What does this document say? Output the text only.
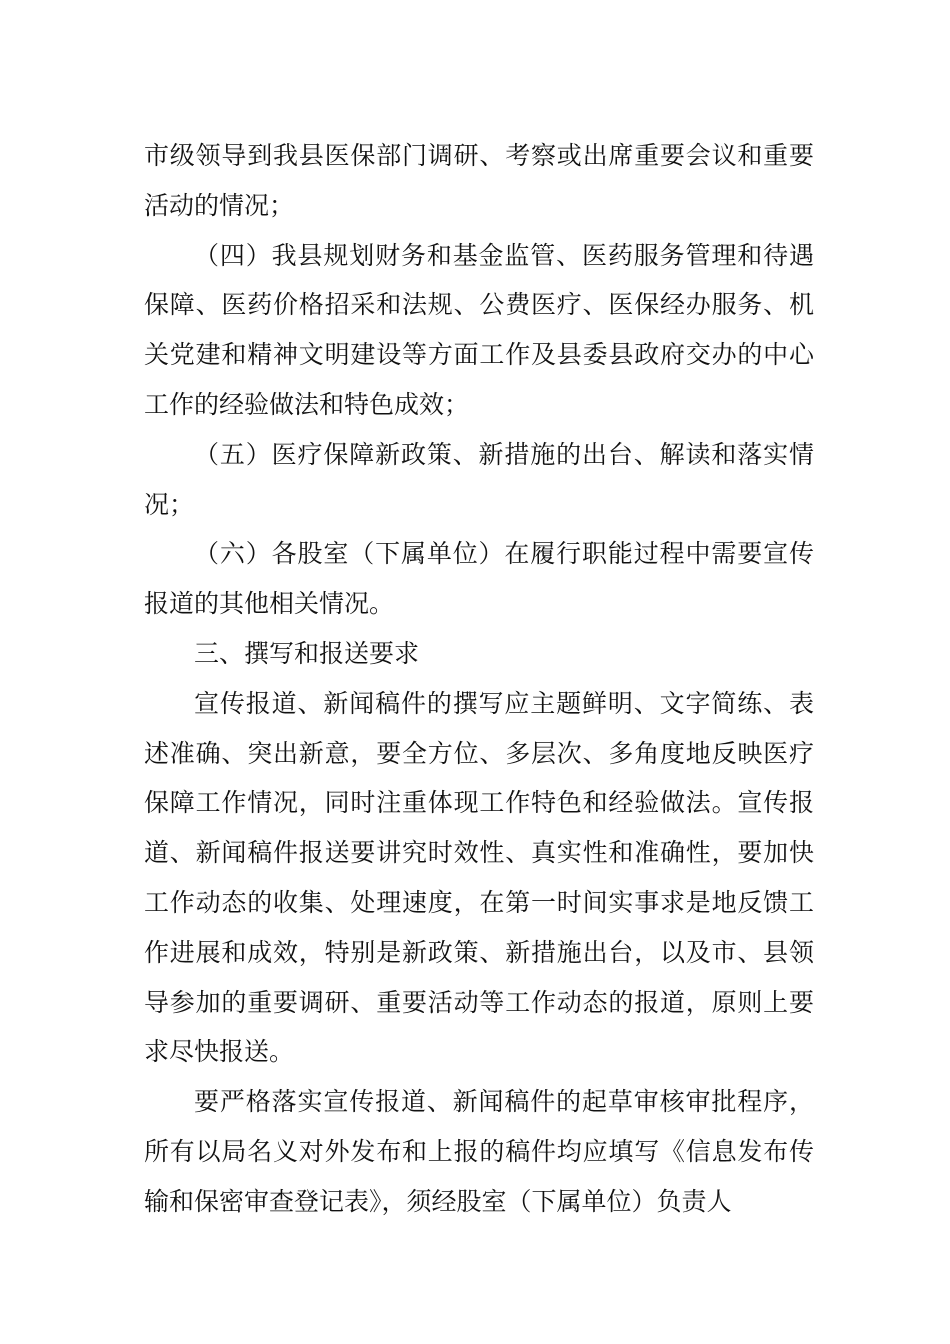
市级领导到我县医保部门调研、考察或出席重要会议和重要活动的情况；

（四）我县规划财务和基金监管、医药服务管理和待遇保障、医药价格招采和法规、公费医疗、医保经办服务、机关党建和精神文明建设等方面工作及县委县政府交办的中心工作的经验做法和特色成效；

（五）医疗保障新政策、新措施的出台、解读和落实情况；

（六）各股室（下属单位）在履行职能过程中需要宣传报道的其他相关情况。

三、撰写和报送要求

宣传报道、新闻稿件的撰写应主题鲜明、文字简练、表述准确、突出新意，要全方位、多层次、多角度地反映医疗保障工作情况，同时注重体现工作特色和经验做法。宣传报道、新闻稿件报送要讲究时效性、真实性和准确性，要加快工作动态的收集、处理速度，在第一时间实事求是地反馈工作进展和成效，特别是新政策、新措施出台，以及市、县领导参加的重要调研、重要活动等工作动态的报道，原则上要求尽快报送。

要严格落实宣传报道、新闻稿件的起草审核审批程序，所有以局名义对外发布和上报的稿件均应填写《信息发布传输和保密审查登记表》，须经股室（下属单位）负责人
